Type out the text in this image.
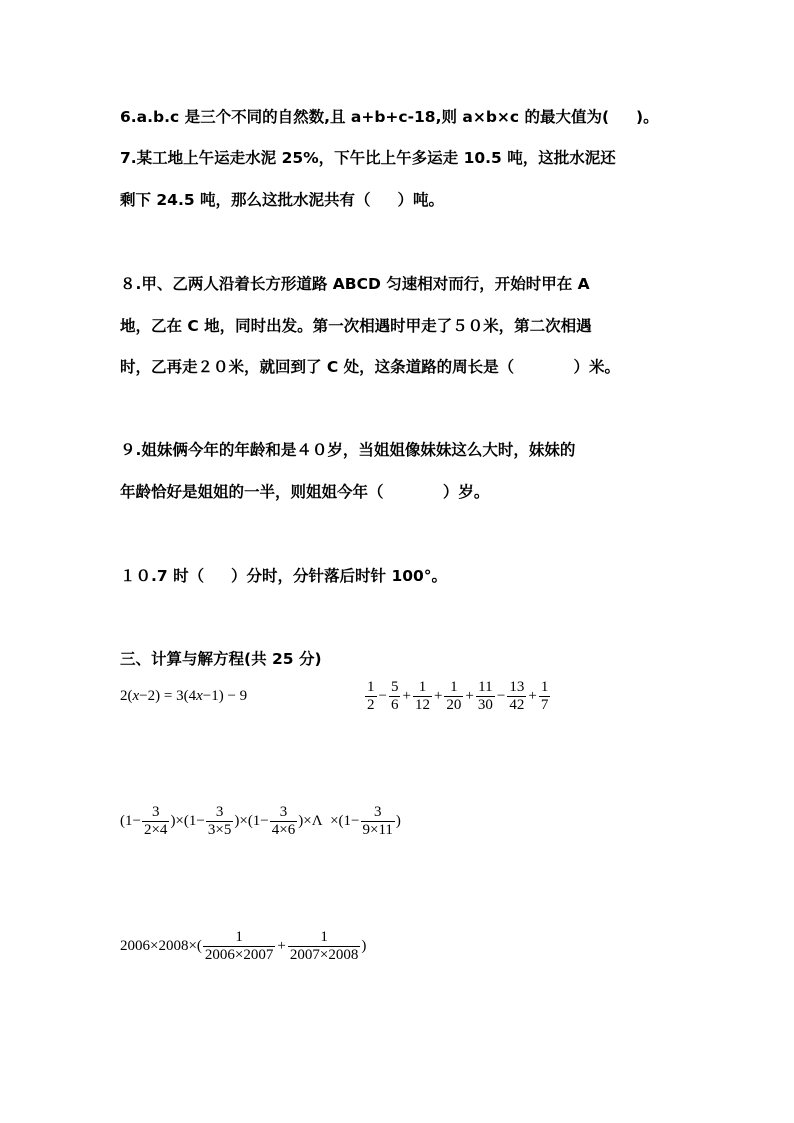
6.a.b.c 是三个不同的自然数,且 a+b+c-18,则 a×b×c 的最大值为(     )。
7.某工地上午运走水泥 25%，下午比上午多运走 10.5 吨，这批水泥还
剩下 24.5 吨，那么这批水泥共有（     ）吨。
８.甲、乙两人沿着长方形道路 ABCD 匀速相对而行，开始时甲在 A
地，乙在 C 地，同时出发。第一次相遇时甲走了５０米，第二次相遇
时，乙再走２０米，就回到了 C 处，这条道路的周长是（           ）米。
９.姐妹俩今年的年龄和是４０岁，当姐姐像妹妹这么大时，妹妹的
年龄恰好是姐姐的一半，则姐姐今年（           ）岁。
１０.7 时（     ）分时，分针落后时针 100°。
三、计算与解方程(共 25 分)
2(x−2) = 3(4x−1) − 9	$\frac{1}{2} - \frac{5}{6} + \frac{1}{12} + \frac{1}{20} + \frac{11}{30} - \frac{13}{42} + \frac{1}{7}$
$(1- \frac{3}{2\times 4} )\times(1- \frac{3}{3\times 5} )\times(1- \frac{3}{4\times 6} )\times\Lambda \times(1- \frac{3}{9\times 11}$ )
$2006\times 2008\times( \frac{1}{2006\times 2007} + \frac{1}{2007\times 2008}$ )
